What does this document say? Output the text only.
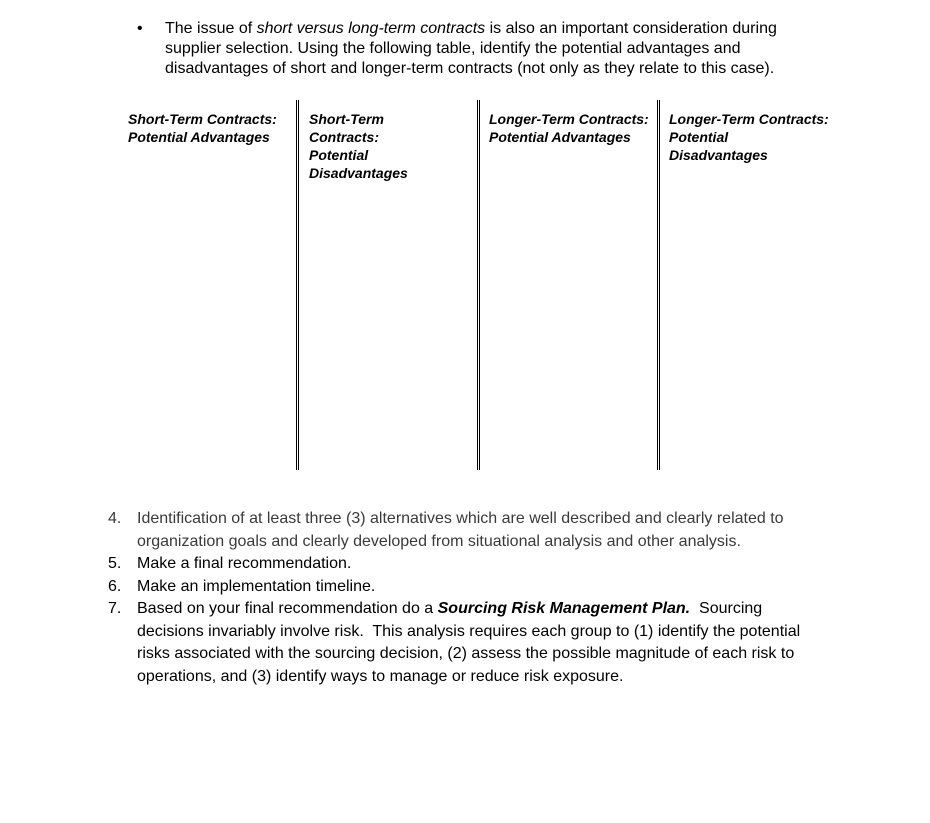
•	The issue of short versus long-term contracts is also an important consideration during supplier selection. Using the following table, identify the potential advantages and disadvantages of short and longer-term contracts (not only as they relate to this case).
Short-Term Contracts: Potential Advantages
Short-Term Contracts: Potential Disadvantages
Longer-Term Contracts: Potential Advantages
Longer-Term Contracts: Potential Disadvantages
4. Identification of at least three (3) alternatives which are well described and clearly related to organization goals and clearly developed from situational analysis and other analysis.
5. Make a final recommendation.
6. Make an implementation timeline.
7. Based on your final recommendation do a Sourcing Risk Management Plan.  Sourcing decisions invariably involve risk.  This analysis requires each group to (1) identify the potential risks associated with the sourcing decision, (2) assess the possible magnitude of each risk to operations, and (3) identify ways to manage or reduce risk exposure.
